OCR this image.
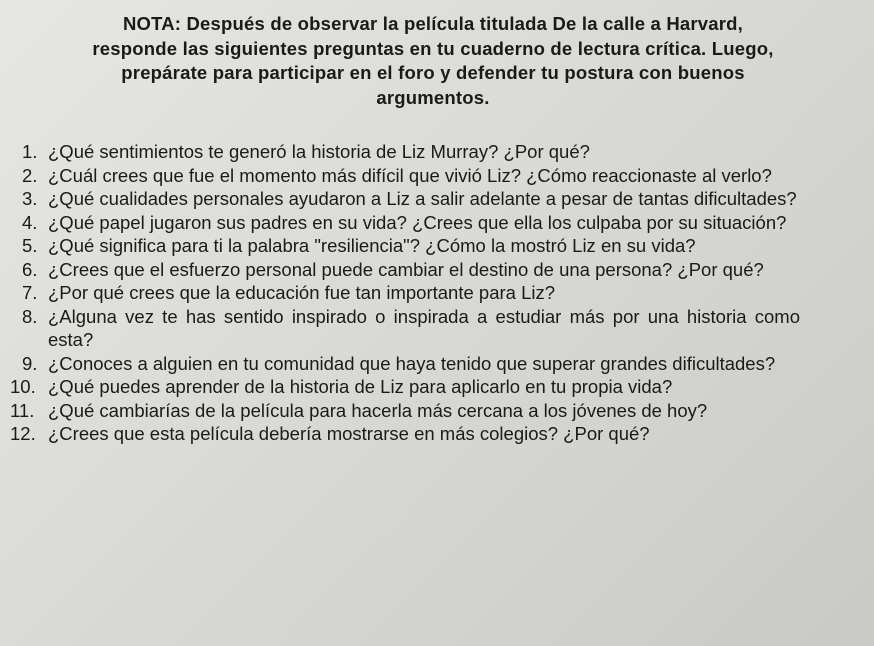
NOTA: Después de observar la película titulada De la calle a Harvard,
responde las siguientes preguntas en tu cuaderno de lectura crítica. Luego,
prepárate para participar en el foro y defender tu postura con buenos
argumentos.
1. ¿Qué sentimientos te generó la historia de Liz Murray? ¿Por qué?
2. ¿Cuál crees que fue el momento más difícil que vivió Liz? ¿Cómo reaccionaste al verlo?
3. ¿Qué cualidades personales ayudaron a Liz a salir adelante a pesar de tantas dificultades?
4. ¿Qué papel jugaron sus padres en su vida? ¿Crees que ella los culpaba por su situación?
5. ¿Qué significa para ti la palabra "resiliencia"? ¿Cómo la mostró Liz en su vida?
6. ¿Crees que el esfuerzo personal puede cambiar el destino de una persona? ¿Por qué?
7. ¿Por qué crees que la educación fue tan importante para Liz?
8. ¿Alguna vez te has sentido inspirado o inspirada a estudiar más por una historia como esta?
9. ¿Conoces a alguien en tu comunidad que haya tenido que superar grandes dificultades?
10. ¿Qué puedes aprender de la historia de Liz para aplicarlo en tu propia vida?
11. ¿Qué cambiarías de la película para hacerla más cercana a los jóvenes de hoy?
12. ¿Crees que esta película debería mostrarse en más colegios? ¿Por qué?
